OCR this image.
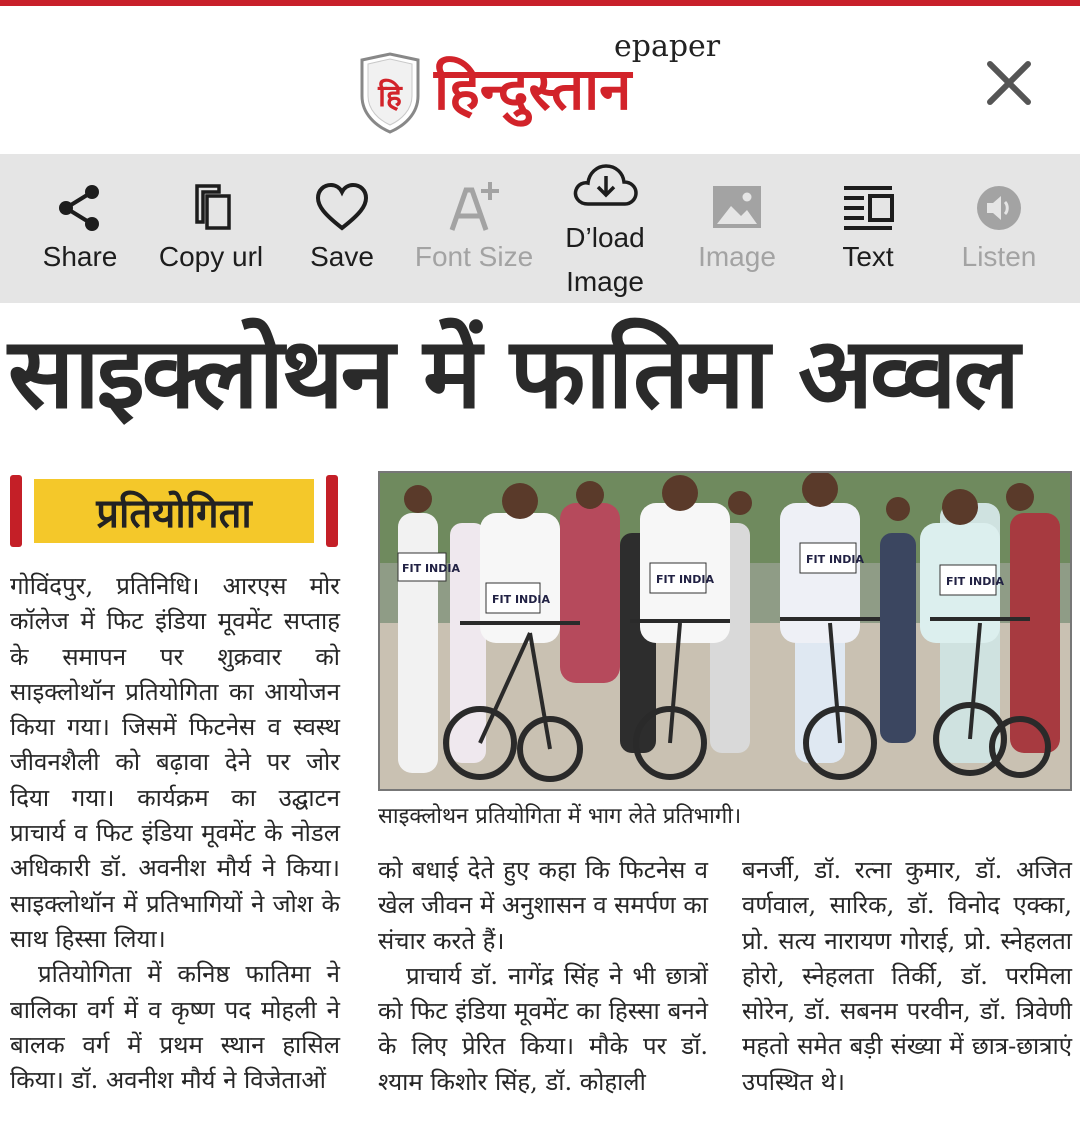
हि हिन्दुस्तान
epaper
Share	Copy url	Save	Font Size
D’load Image
Image	Text	Listen
साइक्लोथन में फातिमा अव्वल
प्रतियोगिता
FIT INDIA
FIT INDIA
FIT INDIA
FIT INDIA
FIT INDIA
साइक्लोथन प्रतियोगिता में भाग लेते प्रतिभागी।

गोविंदपुर, प्रतिनिधि। आरएस मोर कॉलेज में फिट इंडिया मूवमेंट सप्ताह के समापन पर शुक्रवार को साइक्लोथॉन प्रतियोगिता का आयोजन किया गया। जिसमें फिटनेस व स्वस्थ जीवनशैली को बढ़ावा देने पर जोर दिया गया। कार्यक्रम का उद्घाटन प्राचार्य व फिट इंडिया मूवमेंट के नोडल अधिकारी डॉ. अवनीश मौर्य ने किया। साइक्लोथॉन में प्रतिभागियों ने जोश के साथ हिस्सा लिया।

प्रतियोगिता में कनिष्ठ फातिमा ने बालिका वर्ग में व कृष्ण पद मोहली ने बालक वर्ग में प्रथम स्थान हासिल किया। डॉ. अवनीश मौर्य ने विजेताओं

को बधाई देते हुए कहा कि फिटनेस व खेल जीवन में अनुशासन व समर्पण का संचार करते हैं।

प्राचार्य डॉ. नागेंद्र सिंह ने भी छात्रों को फिट इंडिया मूवमेंट का हिस्सा बनने के लिए प्रेरित किया। मौके पर डॉ. श्याम किशोर सिंह, डॉ. कोहाली

बनर्जी, डॉ. रत्ना कुमार, डॉ. अजित वर्णवाल, सारिक, डॉ. विनोद एक्का, प्रो. सत्य नारायण गोराई, प्रो. स्नेहलता होरो, स्नेहलता तिर्की, डॉ. परमिला सोरेन, डॉ. सबनम परवीन, डॉ. त्रिवेणी महतो समेत बड़ी संख्या में छात्र-छात्राएं उपस्थित थे।
